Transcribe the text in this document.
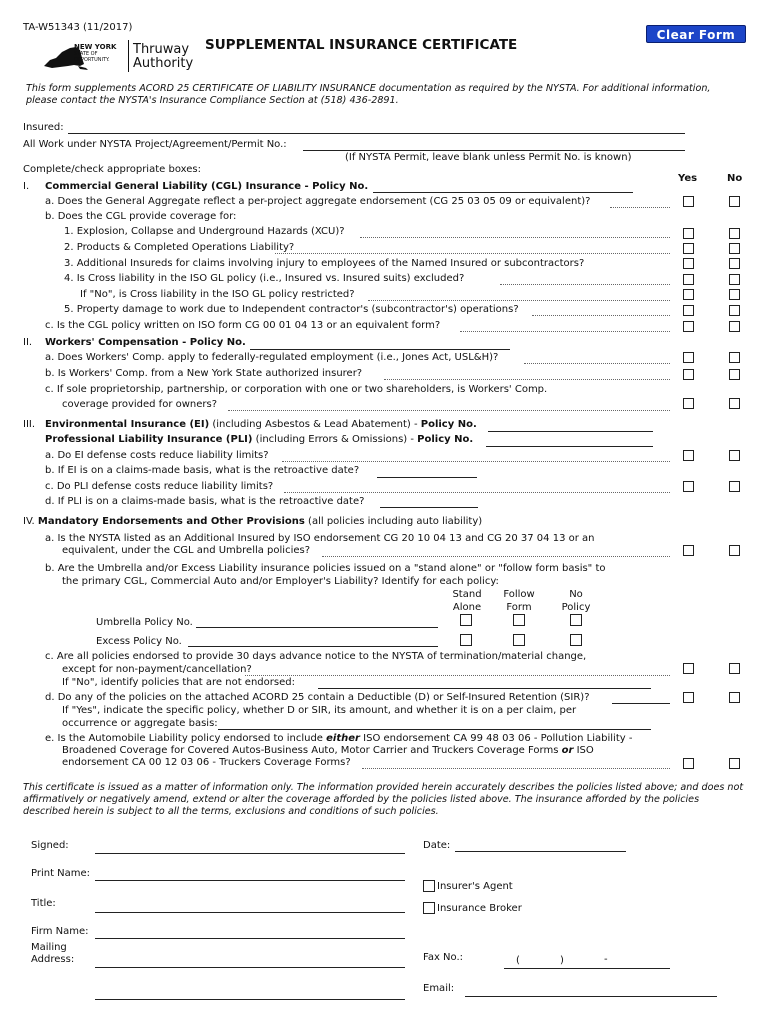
TA-W51343 (11/2017)
Clear Form
NEW YORK
STATE OF
OPPORTUNITY.
Thruway
Authority
SUPPLEMENTAL INSURANCE CERTIFICATE
This form supplements ACORD 25 CERTIFICATE OF LIABILITY INSURANCE documentation as required by the NYSTA. For additional information, please contact the NYSTA's Insurance Compliance Section at (518) 436-2891.
Insured:
All Work under NYSTA Project/Agreement/Permit No.:
(If NYSTA Permit, leave blank unless Permit No. is known)
Complete/check appropriate boxes:
Yes	No
I. Commercial General Liability (CGL) Insurance - Policy No.
a. Does the General Aggregate reflect a per-project aggregate endorsement (CG 25 03 05 09 or equivalent)?
b. Does the CGL provide coverage for:
1. Explosion, Collapse and Underground Hazards (XCU)?
2. Products & Completed Operations Liability?
3. Additional Insureds for claims involving injury to employees of the Named Insured or subcontractors?
4. Is Cross liability in the ISO GL policy (i.e., Insured vs. Insured suits) excluded?
If "No", is Cross liability in the ISO GL policy restricted?
5. Property damage to work due to Independent contractor's (subcontractor's) operations?
c. Is the CGL policy written on ISO form CG 00 01 04 13 or an equivalent form?
II. Workers' Compensation - Policy No.
a. Does Workers' Comp. apply to federally-regulated employment (i.e., Jones Act, USL&H)?
b. Is Workers' Comp. from a New York State authorized insurer?
c. If sole proprietorship, partnership, or corporation with one or two shareholders, is Workers' Comp.
coverage provided for owners?
III. Environmental Insurance (EI) (including Asbestos & Lead Abatement) - Policy No.
Professional Liability Insurance (PLI) (including Errors & Omissions) - Policy No.
a. Do EI defense costs reduce liability limits?
b. If EI is on a claims-made basis, what is the retroactive date?
c. Do PLI defense costs reduce liability limits?
d. If PLI is on a claims-made basis, what is the retroactive date?
IV. Mandatory Endorsements and Other Provisions (all policies including auto liability)
a. Is the NYSTA listed as an Additional Insured by ISO endorsement CG 20 10 04 13 and CG 20 37 04 13 or an
equivalent, under the CGL and Umbrella policies?
b. Are the Umbrella and/or Excess Liability insurance policies issued on a "stand alone" or "follow form basis" to
the primary CGL, Commercial Auto and/or Employer's Liability? Identify for each policy:
Stand
Alone
Follow
Form
No
Policy
Umbrella Policy No.
Excess Policy No.
c. Are all policies endorsed to provide 30 days advance notice to the NYSTA of termination/material change,
except for non-payment/cancellation?
If "No", identify policies that are not endorsed:
d. Do any of the policies on the attached ACORD 25 contain a Deductible (D) or Self-Insured Retention (SIR)?
If "Yes", indicate the specific policy, whether D or SIR, its amount, and whether it is on a per claim, per
occurrence or aggregate basis:
e. Is the Automobile Liability policy endorsed to include either ISO endorsement CA 99 48 03 06 - Pollution Liability -
Broadened Coverage for Covered Autos-Business Auto, Motor Carrier and Truckers Coverage Forms or ISO
endorsement CA 00 12 03 06 - Truckers Coverage Forms?
This certificate is issued as a matter of information only. The information provided herein accurately describes the policies listed above; and does not affirmatively or negatively amend, extend or alter the coverage afforded by the policies listed above. The insurance afforded by the policies described herein is subject to all the terms, exclusions and conditions of such policies.
Signed:	Date:
Print Name:
Insurer's Agent
Insurance Broker
Title:
Firm Name:
Mailing
Address:	Fax No.:	(	)	-
Email:
